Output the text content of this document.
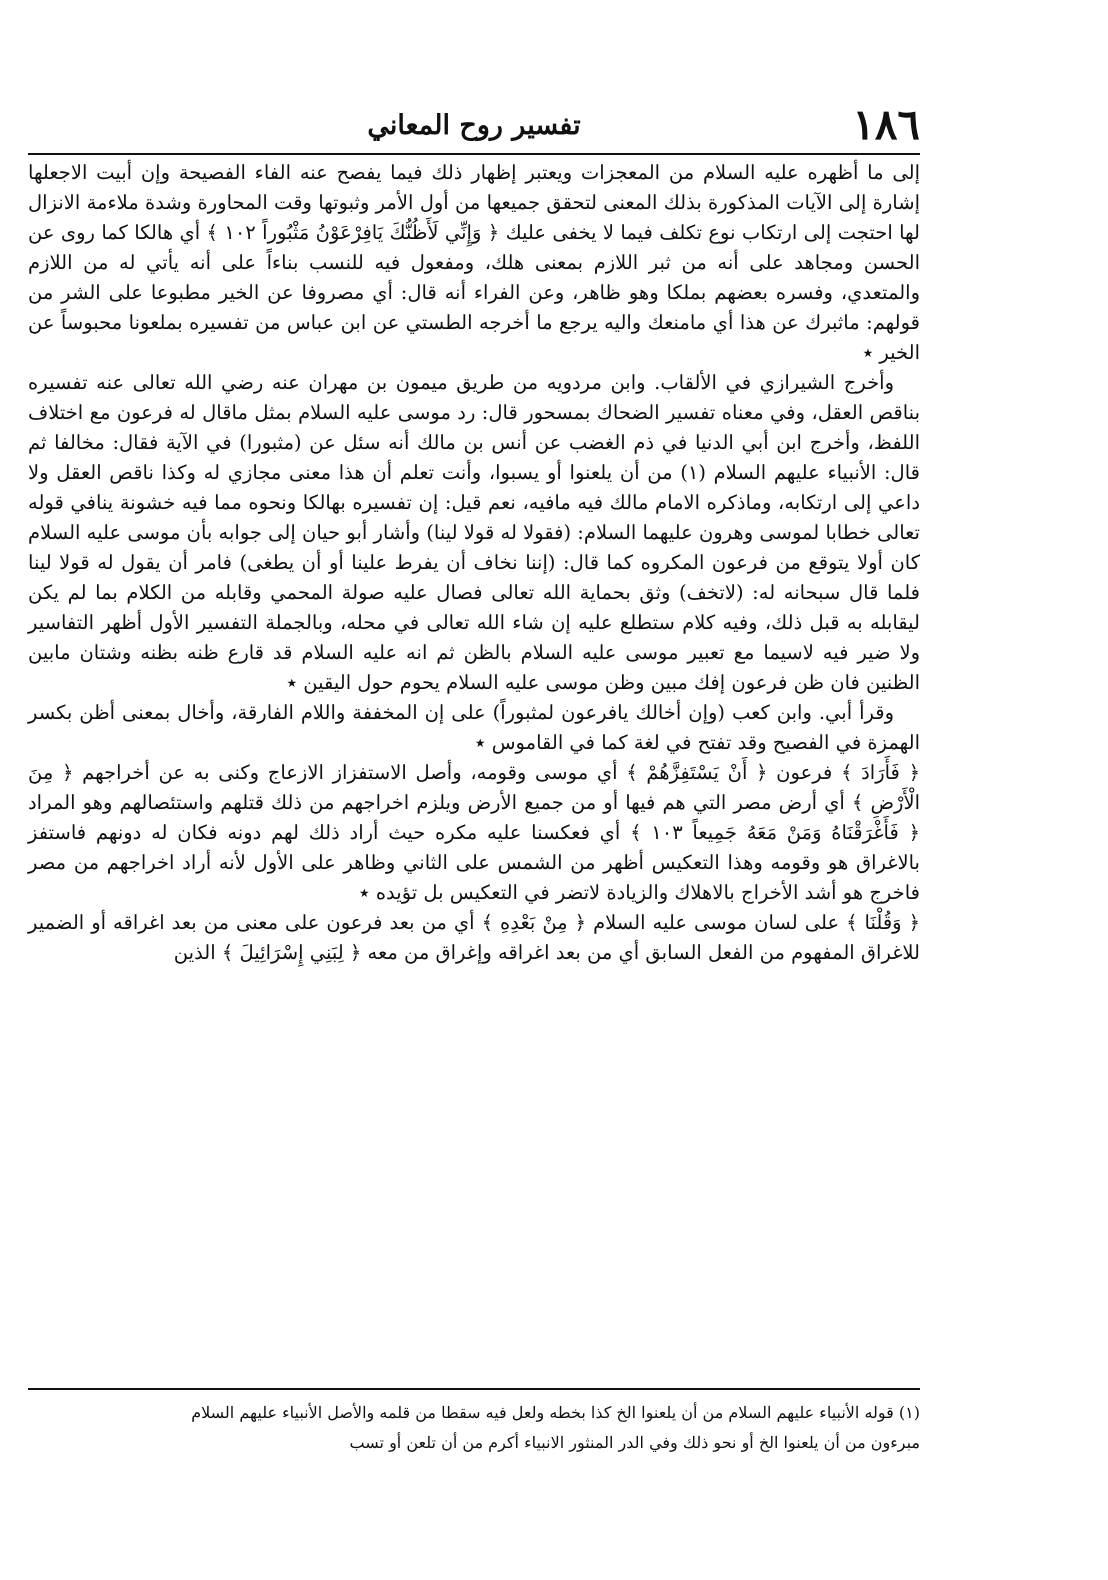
١٨٦
تفسير روح المعاني

إلى ما أظهره عليه السلام من المعجزات ويعتبر إظهار ذلك فيما يفصح عنه الفاء الفصيحة وإن أبيت الاجعلها إشارة إلى الآيات المذكورة بذلك المعنى لتحقق جميعها من أول الأمر وثبوتها وقت المحاورة وشدة ملاءمة الانزال لها احتجت إلى ارتكاب نوع تكلف فيما لا يخفى عليك ﴿ وَإِنِّي لَأَظُنُّكَ يَافِرْعَوْنُ مَثْبُوراً ١٠٢ ﴾ أي هالكا كما روى عن الحسن ومجاهد على أنه من ثبر اللازم بمعنى هلك، ومفعول فيه للنسب بناءاً على أنه يأتي له من اللازم والمتعدي، وفسره بعضهم بملكا وهو ظاهر، وعن الفراء أنه قال: أي مصروفا عن الخير مطبوعا على الشر من قولهم: ماثبرك عن هذا أي مامنعك واليه يرجع ما أخرجه الطستي عن ابن عباس من تفسيره بملعونا محبوساً عن الخير ٭

وأخرج الشيرازي في الألقاب. وابن مردويه من طريق ميمون بن مهران عنه رضي الله تعالى عنه تفسيره بناقص العقل، وفي معناه تفسير الضحاك بمسحور قال: رد موسى عليه السلام بمثل ماقال له فرعون مع اختلاف اللفظ، وأخرج ابن أبي الدنيا في ذم الغضب عن أنس بن مالك أنه سئل عن (مثبورا) في الآية فقال: مخالفا ثم قال: الأنبياء عليهم السلام (١) من أن يلعنوا أو يسبوا، وأنت تعلم أن هذا معنى مجازي له وكذا ناقص العقل ولا داعي إلى ارتكابه، وماذكره الامام مالك فيه مافيه، نعم قيل: إن تفسيره بهالكا ونحوه مما فيه خشونة ينافي قوله تعالى خطابا لموسى وهرون عليهما السلام: (فقولا له قولا لينا) وأشار أبو حيان إلى جوابه بأن موسى عليه السلام كان أولا يتوقع من فرعون المكروه كما قال: (إننا نخاف أن يفرط علينا أو أن يطغى) فامر أن يقول له قولا لينا فلما قال سبحانه له: (لاتخف) وثق بحماية الله تعالى فصال عليه صولة المحمي وقابله من الكلام بما لم يكن ليقابله به قبل ذلك، وفيه كلام ستطلع عليه إن شاء الله تعالى في محله، وبالجملة التفسير الأول أظهر التفاسير ولا ضير فيه لاسيما مع تعبير موسى عليه السلام بالظن ثم انه عليه السلام قد قارع ظنه بظنه وشتان مابين الظنين فان ظن فرعون إفك مبين وظن موسى عليه السلام يحوم حول اليقين ٭

وقرأ أبي. وابن كعب (وإن أخالك يافرعون لمثبوراً) على إن المخففة واللام الفارقة، وأخال بمعنى أظن بكسر الهمزة في الفصيح وقد تفتح في لغة كما في القاموس ٭

﴿ فَأَرَادَ ﴾ فرعون ﴿ أَنْ يَسْتَفِزَّهُمْ ﴾ أي موسى وقومه، وأصل الاستفزاز الازعاج وكنى به عن أخراجهم ﴿ مِنَ الْأَرْضِ ﴾ أي أرض مصر التي هم فيها أو من جميع الأرض ويلزم اخراجهم من ذلك قتلهم واستئصالهم وهو المراد ﴿ فَأَغْرَقْنَاهُ وَمَنْ مَعَهُ جَمِيعاً ١٠٣ ﴾ أي فعكسنا عليه مكره حيث أراد ذلك لهم دونه فكان له دونهم فاستفز بالاغراق هو وقومه وهذا التعكيس أظهر من الشمس على الثاني وظاهر على الأول لأنه أراد اخراجهم من مصر فاخرج هو أشد الأخراج بالاهلاك والزيادة لاتضر في التعكيس بل تؤيده ٭

﴿ وَقُلْنَا ﴾ على لسان موسى عليه السلام ﴿ مِنْ بَعْدِهِ ﴾ أي من بعد فرعون على معنى من بعد اغراقه أو الضمير للاغراق المفهوم من الفعل السابق أي من بعد اغراقه وإغراق من معه ﴿ لِبَنِي إِسْرَائِيلَ ﴾ الذين

(١) قوله الأنبياء عليهم السلام من أن يلعنوا الخ كذا بخطه ولعل فيه سقطا من قلمه والأصل الأنبياء عليهم السلام

مبرءون من أن يلعنوا الخ أو نحو ذلك وفي الدر المنثور الانبياء أكرم من أن تلعن أو تسب
